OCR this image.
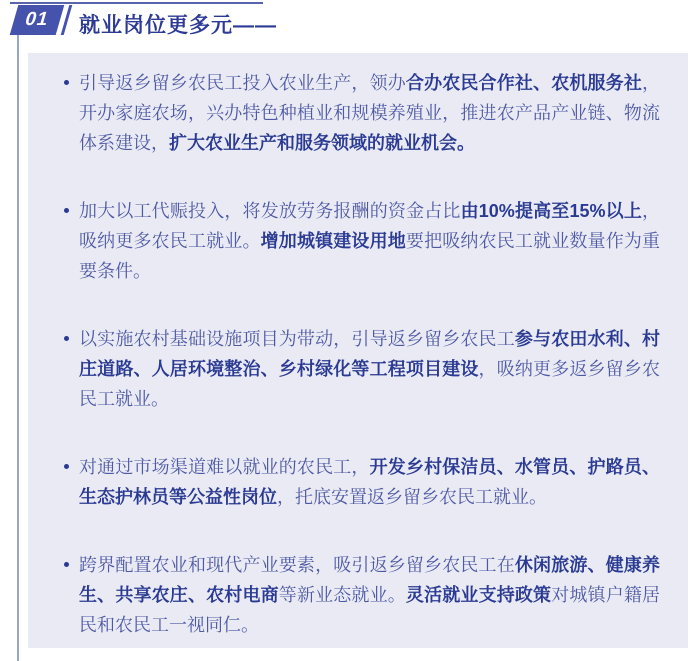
01 就业岗位更多元——
引导返乡留乡农民工投入农业生产，领办合办农民合作社、农机服务社，开办家庭农场，兴办特色种植业和规模养殖业，推进农产品产业链、物流体系建设，扩大农业生产和服务领域的就业机会。
加大以工代赈投入，将发放劳务报酬的资金占比由10%提高至15%以上，吸纳更多农民工就业。增加城镇建设用地要把吸纳农民工就业数量作为重要条件。
以实施农村基础设施项目为带动，引导返乡留乡农民工参与农田水利、村庄道路、人居环境整治、乡村绿化等工程项目建设，吸纳更多返乡留乡农民工就业。
对通过市场渠道难以就业的农民工，开发乡村保洁员、水管员、护路员、生态护林员等公益性岗位，托底安置返乡留乡农民工就业。
跨界配置农业和现代产业要素，吸引返乡留乡农民工在休闲旅游、健康养生、共享农庄、农村电商等新业态就业。灵活就业支持政策对城镇户籍居民和农民工一视同仁。
